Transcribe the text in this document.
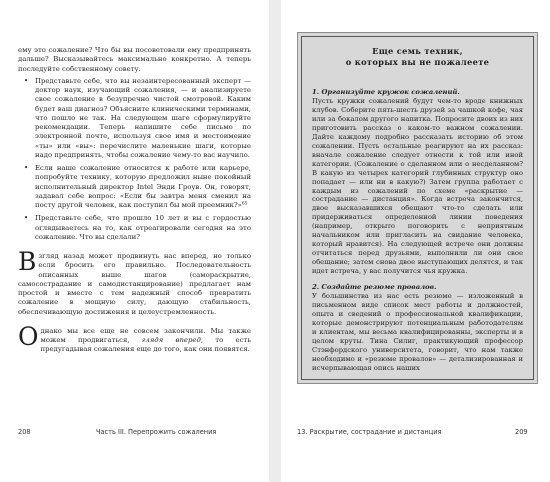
ему это сожаление? Что бы вы посоветовали ему предпринять дальше? Высказывайтесь максимально конкретно. А теперь последуйте собственному совету.

• Представьте себе, что вы незаинтересованный эксперт — доктор наук, изучающий сожаления, — и анализируете свое сожаление в безупречно чистой смотровой. Каким будет ваш диагноз? Объясните клиническими терминами, что пошло не так. На следующем шаге сформулируйте рекомендации. Теперь напишите себе письмо по электронной почте, используя свое имя и местоимение «ты» или «вы»: перечислите маленькие шаги, которые надо предпринять, чтобы сожаление чему-то вас научило.
• Если наше сожаление относится к работе или карьере, попробуйте технику, которую предложил ныне покойный исполнительный директор Intel Энди Гроув. Он, говорят, задавал себе вопрос: «Если бы завтра меня сменил на посту другой человек, как поступил бы мой преемник?»⁶⁵
• Представьте себе, что прошло 10 лет и вы с гордостью оглядываетесь на то, как отреагировали сегодня на это сожаление. Что вы сделали?

Взгляд назад может продвинуть нас вперед, но только если бросить его правильно. Последовательность описанных выше шагов (самораскрытие, самосострадание и самодистанцирование) предлагает нам простой и вместе с тем надежный способ превратить сожаление в мощную силу, дающую стабильность, обеспечивающую достижения и целеустремленность.

Однако мы все еще не совсем закончили. Мы также можем продвигаться, глядя вперед, то есть предугадывая сожаления еще до того, как они появятся.

208	Часть III. Перепрожить сожаления
Еще семь техник,
о которых вы не пожалеете

1. Организуйте кружок сожалений.

Пусть кружки сожалений будут чем-то вроде книжных клубов. Соберите пять-шесть друзей за чашкой кофе, чая или за бокалом другого напитка. Попросите двоих из них приготовить рассказ о каком-то важном сожалении. Дайте каждому подробно рассказать историю об этом сожалении. Пусть остальные реагируют на их рассказ: вначале сожаление следует отнести к той или иной категории. (Сожаление о сделанном или о несделанном? В какую из четырех категорий глубинных структур оно попадает — или ни в какую?) Затем группа работает с каждым из сожалений по схеме «раскрытие — сострадание — дистанция». Когда встреча закончится, двое высказавшихся обещают что-то сделать или придерживаться определенной линии поведения (например, открыто поговорить с неприятным начальником или пригласить на свидание человека, который нравится). На следующей встрече они должны отчитаться перед друзьями, выполнили ли они свое обещание; затем снова двое выступающих делятся, и так идет встреча, у вас получится чья кружка.

2. Создайте резюме провалов.

У большинства из нас есть резюме — изложенный в письменном виде список мест работы и должностей, опыта и сведений о профессиональной квалификации, которые демонстрируют потенциальным работодателям и клиентам, мы весьма квалифицированны, эксперты и в целом круты. Тина Силиг, практикующий профессор Стэнфордского университета, говорит, что нам также необходимо и «резюме провалов» — детализированная и исчерпывающая опись наших

13. Раскрытие, сострадание и дистанция	209
